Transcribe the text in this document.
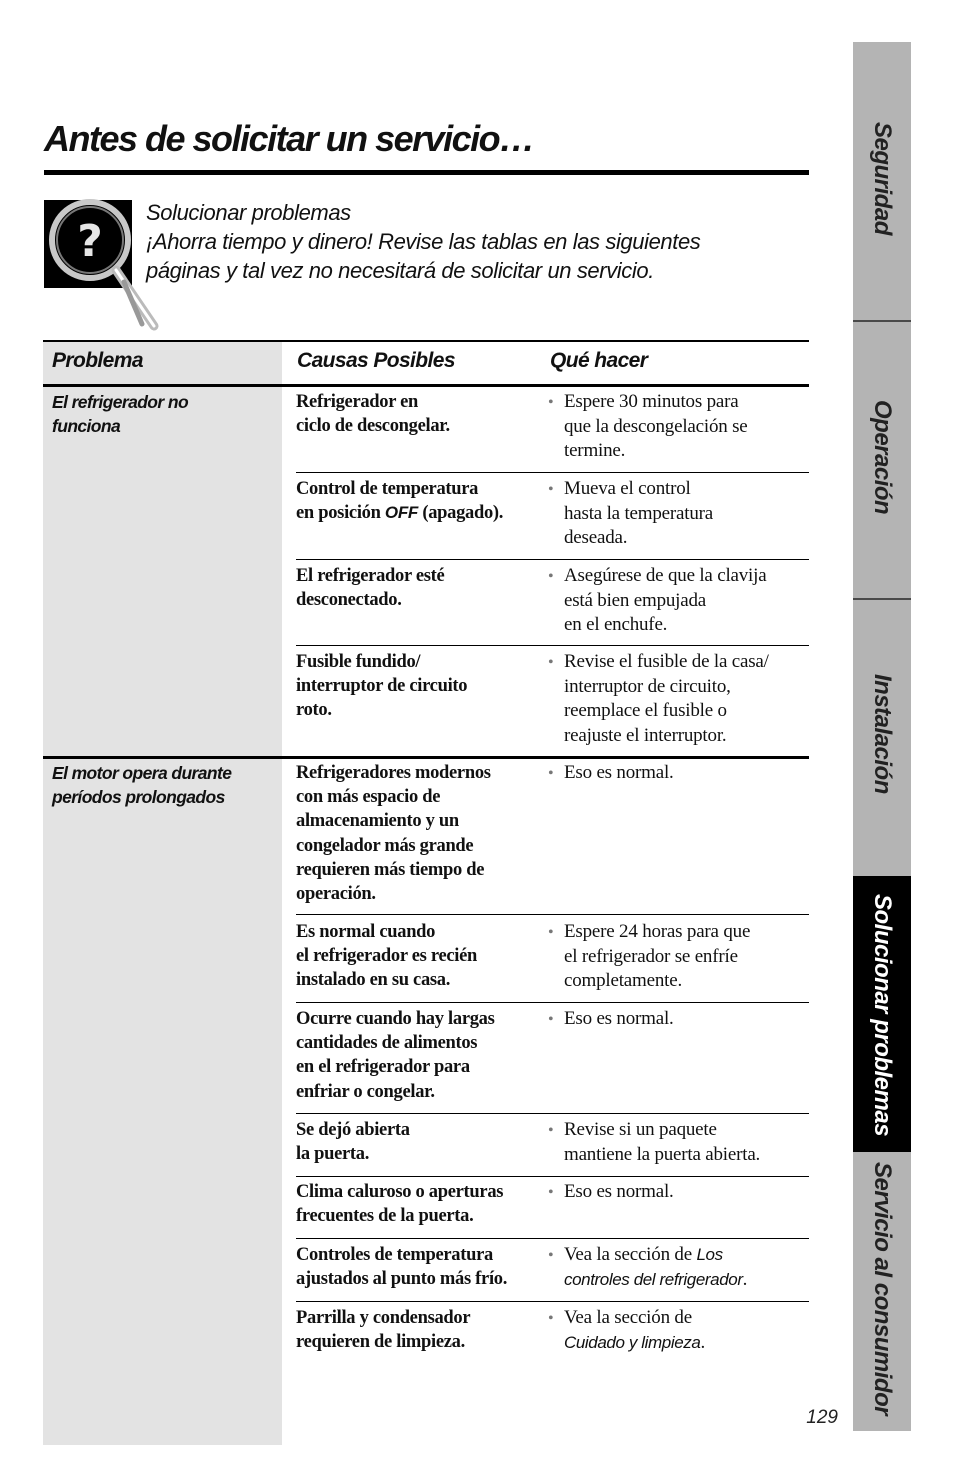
Antes de solicitar un servicio…
?
Solucionar problemas
¡Ahorra tiempo y dinero! Revise las tablas en las siguientes
páginas y tal vez no necesitará de solicitar un servicio.
Problema	Causas Posibles	Qué hacer
El refrigerador no
funciona
Refrigerador en
ciclo de descongelar.
• Espere 30 minutos para
que la descongelación se
termine.
Control de temperatura
en posición OFF (apagado).
• Mueva el control
hasta la temperatura
deseada.
El refrigerador esté
desconectado.
• Asegúrese de que la clavija
está bien empujada
en el enchufe.
Fusible fundido/
interruptor de circuito
roto.
• Revise el fusible de la casa/
interruptor de circuito,
reemplace el fusible o
reajuste el interruptor.
El motor opera durante
períodos prolongados
Refrigeradores modernos
con más espacio de
almacenamiento y un
congelador más grande
requieren más tiempo de
operación.
• Eso es normal.
Es normal cuando
el refrigerador es recién
instalado en su casa.
• Espere 24 horas para que
el refrigerador se enfríe
completamente.
Ocurre cuando hay largas
cantidades de alimentos
en el refrigerador para
enfriar o congelar.
• Eso es normal.
Se dejó abierta
la puerta.
• Revise si un paquete
mantiene la puerta abierta.
Clima caluroso o aperturas
frecuentes de la puerta.
• Eso es normal.
Controles de temperatura
ajustados al punto más frío.
• Vea la sección de Los
controles del refrigerador.
Parrilla y condensador
requieren de limpieza.
• Vea la sección de
Cuidado y limpieza.
Seguridad
Operación
Instalación
Solucionar problemas
Servicio al consumidor
129
